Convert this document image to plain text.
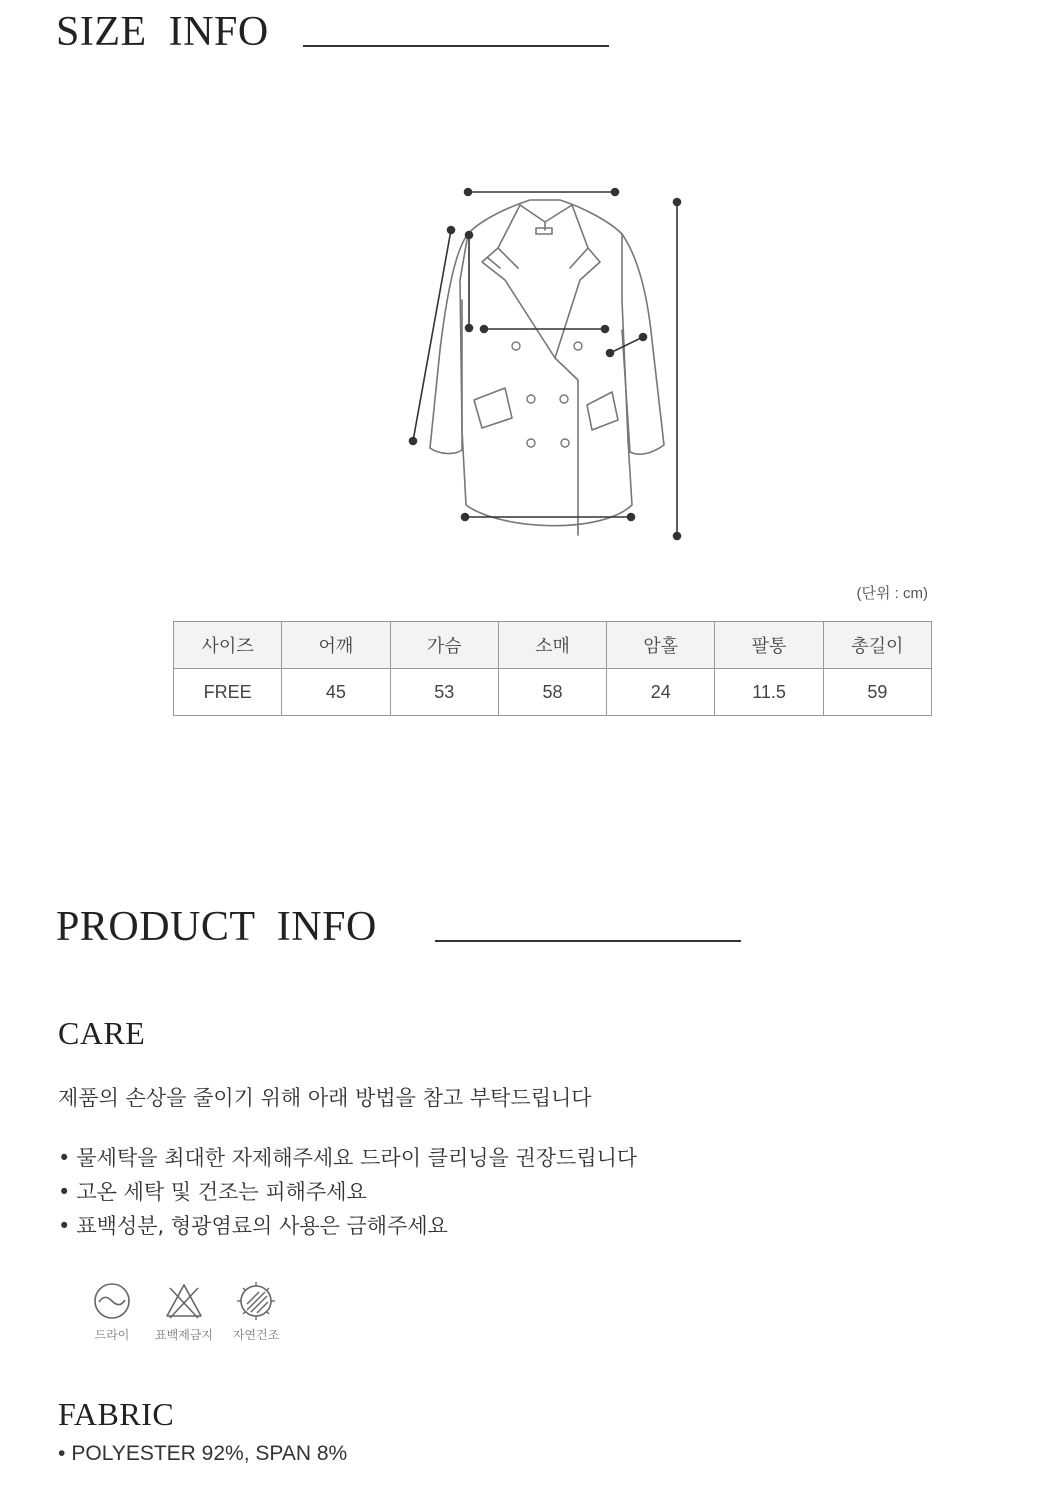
SIZE  INFO
(단위 : cm)
사이즈	어깨	가슴	소매	암홀	팔통	총길이
FREE	45	53	58	24	11.5	59
PRODUCT  INFO
CARE
제품의 손상을 줄이기 위해 아래 방법을 참고 부탁드립니다
• 물세탁을 최대한 자제해주세요 드라이 클리닝을 권장드립니다
• 고온 세탁 및 건조는 피해주세요
• 표백성분, 형광염료의 사용은 금해주세요
드라이 표백제금지 자연건조
FABRIC
• POLYESTER 92%, SPAN 8%
